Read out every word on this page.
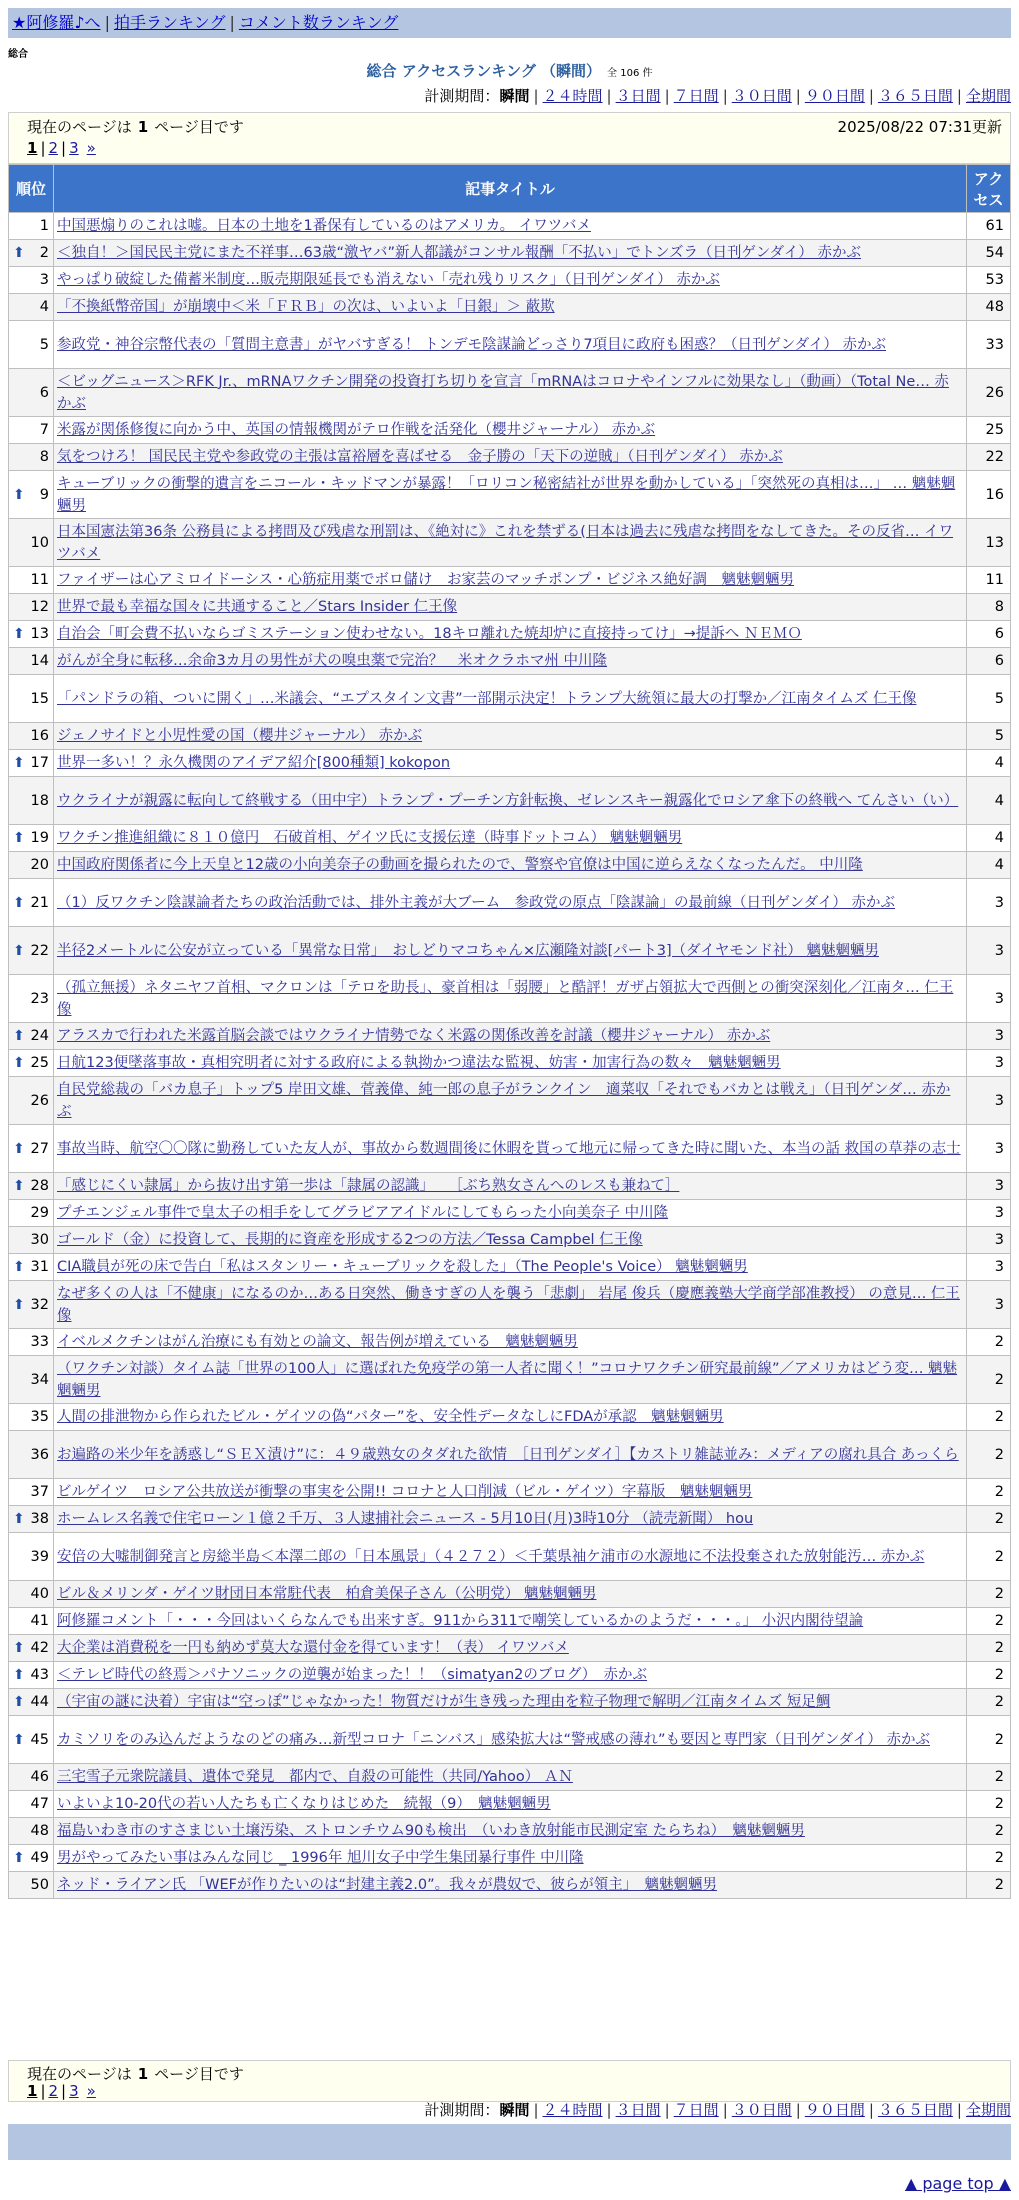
★阿修羅♪へ | 拍手ランキング | コメント数ランキング
総合
総合 アクセスランキング （瞬間） 全 106 件
計測期間：瞬間 | ２４時間 | ３日間 | ７日間 | ３０日間 | ９０日間 | ３６５日間 | 全期間
現在のページは 1 ページ目です	2025/08/22 07:31更新
1 | 2 | 3 »
順位	記事タイトル	アクセス
1	中国悪煽りのこれは嘘。日本の土地を1番保有しているのはアメリカ。 イワツバメ	61

⬆ 2	＜独自！＞国民民主党にまた不祥事…63歳“激ヤバ”新人都議がコンサル報酬「不払い」でトンズラ（日刊ゲンダイ） 赤かぶ	54
3	やっぱり破綻した備蓄米制度…販売期限延長でも消えない「売れ残りリスク」（日刊ゲンダイ） 赤かぶ	53
4	「不換紙幣帝国」が崩壊中＜米「ＦＲＢ」の次は、いよいよ「日銀」＞ 蔽欺	48
5	参政党・神谷宗幣代表の「質問主意書」がヤバすぎる！ トンデモ陰謀論どっさり7項目に政府も困惑？（日刊ゲンダイ） 赤かぶ	33
6	＜ビッグニュース＞RFK Jr.、mRNAワクチン開発の投資打ち切りを宣言「mRNAはコロナやインフルに効果なし」（動画）（Total Ne… 赤かぶ	26
7	米露が関係修復に向かう中、英国の情報機関がテロ作戦を活発化（櫻井ジャーナル） 赤かぶ	25
8	気をつけろ！ 国民民主党や参政党の主張は富裕層を喜ばせる　金子勝の「天下の逆賊」（日刊ゲンダイ） 赤かぶ	22

⬆ 9	キューブリックの衝撃的遺言をニコール・キッドマンが暴露！「ロリコン秘密結社が世界を動かしている」「突然死の真相は…」 … 魑魅魍魎男	16
10	日本国憲法第36条 公務員による拷問及び残虐な刑罰は、《絶対に》これを禁ずる(日本は過去に残虐な拷問をなしてきた。その反省… イワツバメ	13
11	ファイザーは心アミロイドーシス・心筋症用薬でボロ儲け　お家芸のマッチポンプ・ビジネス絶好調　魑魅魍魎男	11
12	世界で最も幸福な国々に共通すること／Stars Insider 仁王像	8

⬆ 13	自治会「町会費不払いならゴミステーション使わせない。18キロ離れた焼却炉に直接持ってけ」→提訴へ ＮＥＭＯ	6
14	がんが全身に転移…余命3カ月の男性が犬の嗅虫薬で完治？　米オクラホマ州 中川隆	6
15	「パンドラの箱、ついに開く」…米議会、“エプスタイン文書”一部開示決定！トランプ大統領に最大の打撃か／江南タイムズ 仁王像	5
16	ジェノサイドと小児性愛の国（櫻井ジャーナル） 赤かぶ	5

⬆ 17	世界一多い！？永久機関のアイデア紹介[800種類] kokopon	4
18	ウクライナが親露に転向して終戦する（田中宇）トランプ・プーチン方針転換、ゼレンスキー親露化でロシア傘下の終戦へ てんさい（い）	4

⬆ 19	ワクチン推進組織に８１０億円　石破首相、ゲイツ氏に支援伝達（時事ドットコム） 魑魅魍魎男	4
20	中国政府関係者に今上天皇と12歳の小向美奈子の動画を撮られたので、警察や官僚は中国に逆らえなくなったんだ。 中川隆	4

⬆ 21	（1）反ワクチン陰謀論者たちの政治活動では、排外主義が大ブーム　参政党の原点「陰謀論」の最前線（日刊ゲンダイ） 赤かぶ	3

⬆ 22	半径2メートルに公安が立っている「異常な日常」　おしどりマコちゃん×広瀬隆対談[パート3]（ダイヤモンド社） 魑魅魍魎男	3
23	（孤立無援）ネタニヤフ首相、マクロンは「テロを助長」、豪首相は「弱腰」と酷評！ガザ占領拡大で西側との衝突深刻化／江南タ… 仁王像	3

⬆ 24	アラスカで行われた米露首脳会談ではウクライナ情勢でなく米露の関係改善を討議（櫻井ジャーナル） 赤かぶ	3

⬆ 25	日航123便墜落事故・真相究明者に対する政府による執拗かつ違法な監視、妨害・加害行為の数々　魑魅魍魎男	3
26	自民党総裁の「バカ息子」トップ5 岸田文雄、菅義偉、純一郎の息子がランクイン　適菜収「それでもバカとは戦え」（日刊ゲンダ… 赤かぶ	3

⬆ 27	事故当時、航空〇〇隊に勤務していた友人が、事故から数週間後に休暇を貰って地元に帰ってきた時に聞いた、本当の話 救国の草莽の志士	3

⬆ 28	「感じにくい隷属」から抜け出す第一歩は「隷属の認識」　　［ぶち熟女さんへのレスも兼ねて］	3
29	プチエンジェル事件で皇太子の相手をしてグラビアアイドルにしてもらった小向美奈子 中川隆	3
30	ゴールド（金）に投資して、長期的に資産を形成する2つの方法／Tessa Campbel 仁王像	3

⬆ 31	CIA職員が死の床で告白「私はスタンリー・キューブリックを殺した」（The People's Voice） 魑魅魍魎男	3

⬆ 32	なぜ多くの人は「不健康」になるのか…ある日突然、働きすぎの人を襲う「悲劇」 岩尾 俊兵（慶應義塾大学商学部准教授） の意見… 仁王像	3
33	イベルメクチンはがん治療にも有効との論文、報告例が増えている　魑魅魍魎男	2
34	（ワクチン対談）タイム誌「世界の100人」に選ばれた免疫学の第一人者に聞く！”コロナワクチン研究最前線”／アメリカはどう変… 魑魅魍魎男	2
35	人間の排泄物から作られたビル・ゲイツの偽“バター”を、安全性データなしにFDAが承認　魑魅魍魎男	2
36	お遍路の米少年を誘惑し“ＳＥＸ漬け”に：４９歳熟女のタダれた欲情　［日刊ゲンダイ］【カストリ雑誌並み：メディアの腐れ具合 あっくら	2
37	ビルゲイツ　ロシア公共放送が衝撃の事実を公開!! コロナと人口削減（ビル・ゲイツ）字幕版　魑魅魍魎男	2

⬆ 38	ホームレス名義で住宅ローン１億２千万、３人逮捕社会ニュース - 5月10日(月)3時10分 （読売新聞） hou	2
39	安倍の大嘘制御発言と房総半島＜本澤二郎の「日本風景」（４２７２）＜千葉県袖ケ浦市の水源地に不法投棄された放射能汚… 赤かぶ	2
40	ビル＆メリンダ・ゲイツ財団日本常駐代表　柏倉美保子さん（公明党） 魑魅魍魎男	2
41	阿修羅コメント「・・・今回はいくらなんでも出来すぎ。911から311で嘲笑しているかのようだ・・・。」 小沢内閣待望論	2

⬆ 42	大企業は消費税を一円も納めず莫大な還付金を得ています！（表） イワツバメ	2

⬆ 43	＜テレビ時代の終焉＞パナソニックの逆襲が始まった！！（simatyan2のブログ）　赤かぶ	2

⬆ 44	（宇宙の謎に決着）宇宙は“空っぽ”じゃなかった！物質だけが生き残った理由を粒子物理で解明／江南タイムズ 短足鯛	2

⬆ 45	カミソリをのみ込んだようなのどの痛み…新型コロナ「ニンバス」感染拡大は“警戒感の薄れ”も要因と専門家（日刊ゲンダイ） 赤かぶ	2
46	三宅雪子元衆院議員、遺体で発見　都内で、自殺の可能性（共同/Yahoo） ＡＮ	2
47	いよいよ10-20代の若い人たちも亡くなりはじめた　続報（9）　魑魅魍魎男	2
48	福島いわき市のすさまじい土壌汚染、ストロンチウム90も検出　（いわき放射能市民測定室 たらちね）　魑魅魍魎男	2

⬆ 49	男がやってみたい事はみんな同じ _ 1996年 旭川女子中学生集団暴行事件 中川隆	2
50	ネッド・ライアン氏 「WEFが作りたいのは“封建主義2.0”。我々が農奴で、彼らが領主」　魑魅魍魎男	2
現在のページは 1 ページ目です
1 | 2 | 3 »
計測期間：瞬間 | ２４時間 | ３日間 | ７日間 | ３０日間 | ９０日間 | ３６５日間 | 全期間
▲ page top ▲
